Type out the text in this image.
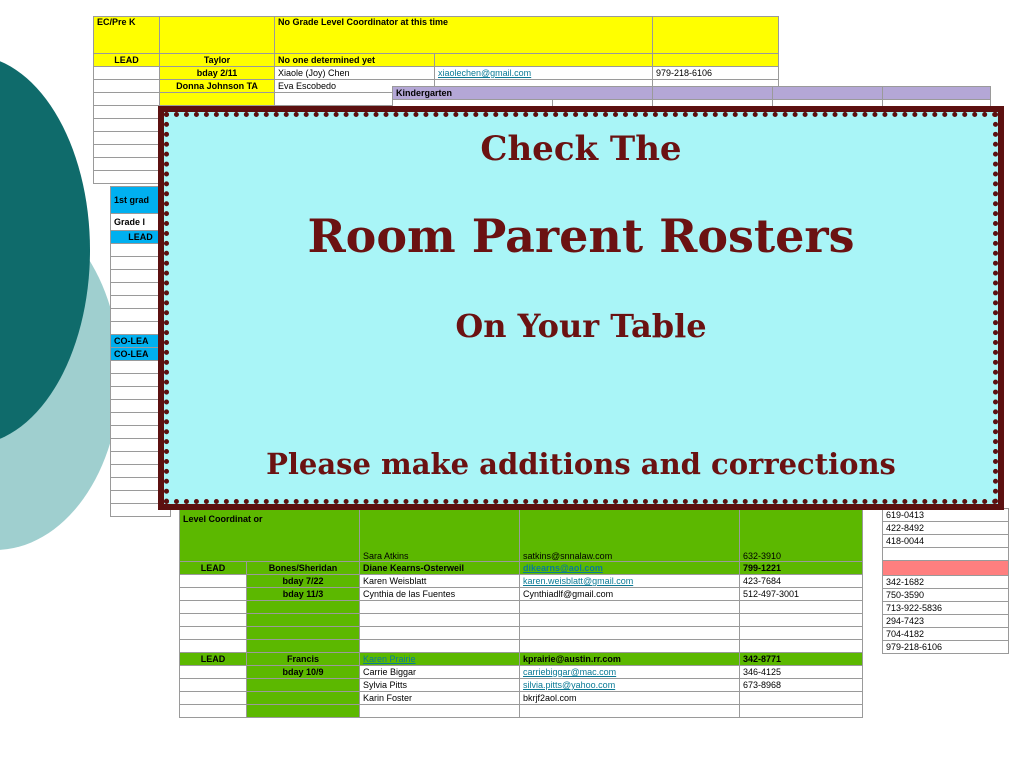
EC/Pre K		No Grade Level Coordinator at this time		
LEAD	Taylor	No one determined yet		
	bday 2/11	Xiaole (Joy) Chen	xiaolechen@gmail.com	979-218-6106
	Donna Johnson TA	Eva Escobedo		

Kindergarten				

1st grad
Grade l
LEAD

CO-LEA
CO-LEA

619-0413
422-8492
418-0044

342-1682
750-3590
713-922-5836
294-7423
704-4182
979-218-6106
Level Coordinat or		Sara Atkins	satkins@snnalaw.com	632-3910
LEAD	Bones/Sheridan	Diane Kearns-Osterweil	dikearns@aol.com	799-1221
	bday 7/22	Karen Weisblatt	karen.weisblatt@gmail.com	423-7684
	bday 11/3	Cynthia de las Fuentes	Cynthiadlf@gmail.com	512-497-3001

LEAD	Francis	Karen Prairie	kprairie@austin.rr.com	342-8771
	bday 10/9	Carrie Biggar	carriebiggar@mac.com	346-4125
		Sylvia Pitts	silvia.pitts@yahoo.com	673-8968
		Karin Foster	bkrjf2aol.com	

Check The
Room Parent Rosters
On Your Table
Please make additions and corrections
